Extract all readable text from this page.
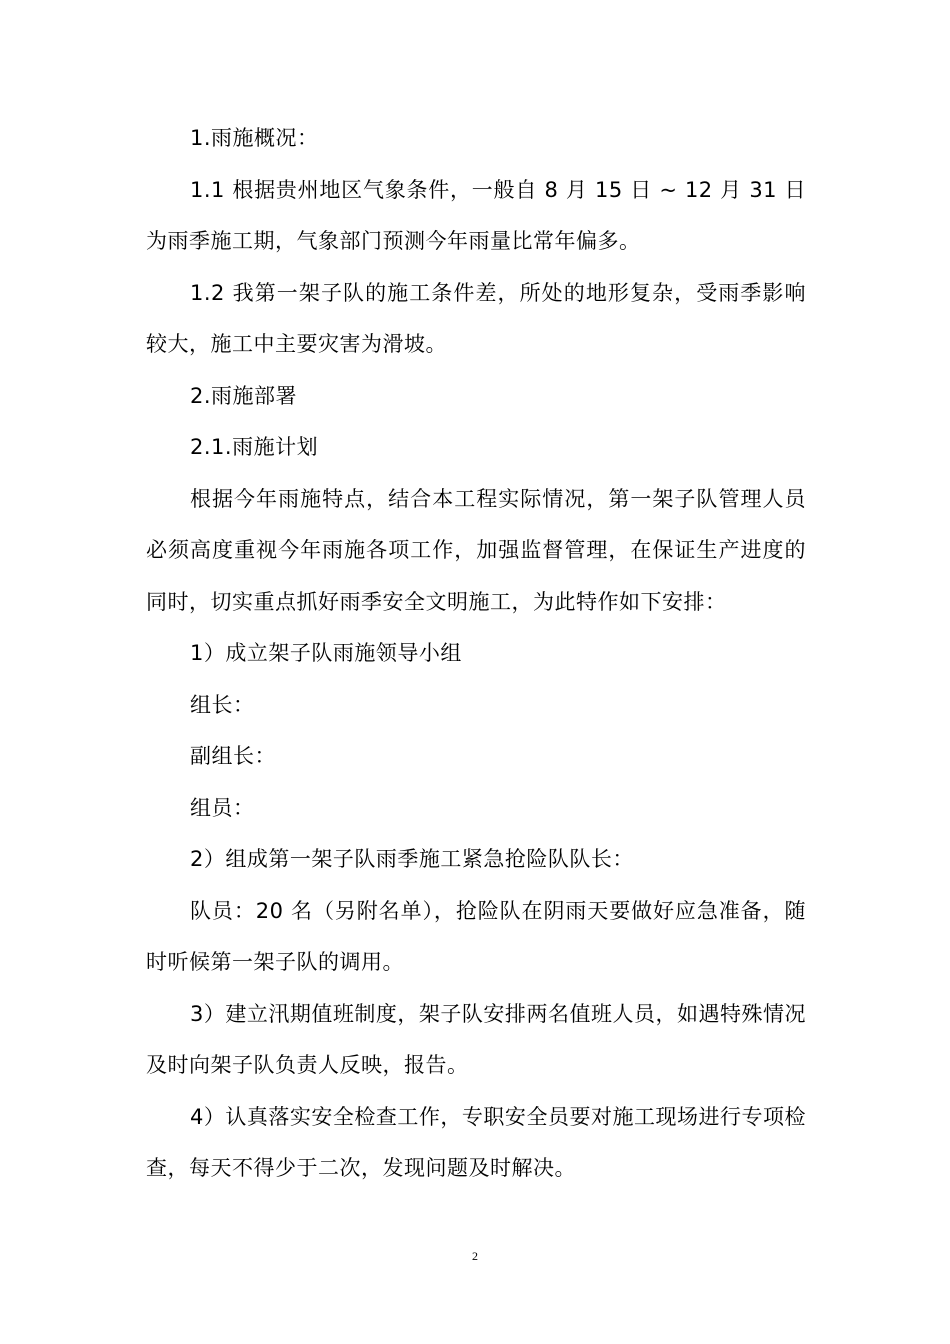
1.雨施概况：

1.1 根据贵州地区气象条件，一般自 8 月 15 日 ~ 12 月 31 日为雨季施工期，气象部门预测今年雨量比常年偏多。

1.2 我第一架子队的施工条件差，所处的地形复杂，受雨季影响较大，施工中主要灾害为滑坡。

2.雨施部署

2.1.雨施计划

根据今年雨施特点，结合本工程实际情况，第一架子队管理人员必须高度重视今年雨施各项工作，加强监督管理，在保证生产进度的同时，切实重点抓好雨季安全文明施工，为此特作如下安排：

1）成立架子队雨施领导小组

组长：

副组长：

组员：

2）组成第一架子队雨季施工紧急抢险队队长：

队员：20 名（另附名单），抢险队在阴雨天要做好应急准备，随时听候第一架子队的调用。

3）建立汛期值班制度，架子队安排两名值班人员，如遇特殊情况及时向架子队负责人反映，报告。

4）认真落实安全检查工作，专职安全员要对施工现场进行专项检查，每天不得少于二次，发现问题及时解决。

2
